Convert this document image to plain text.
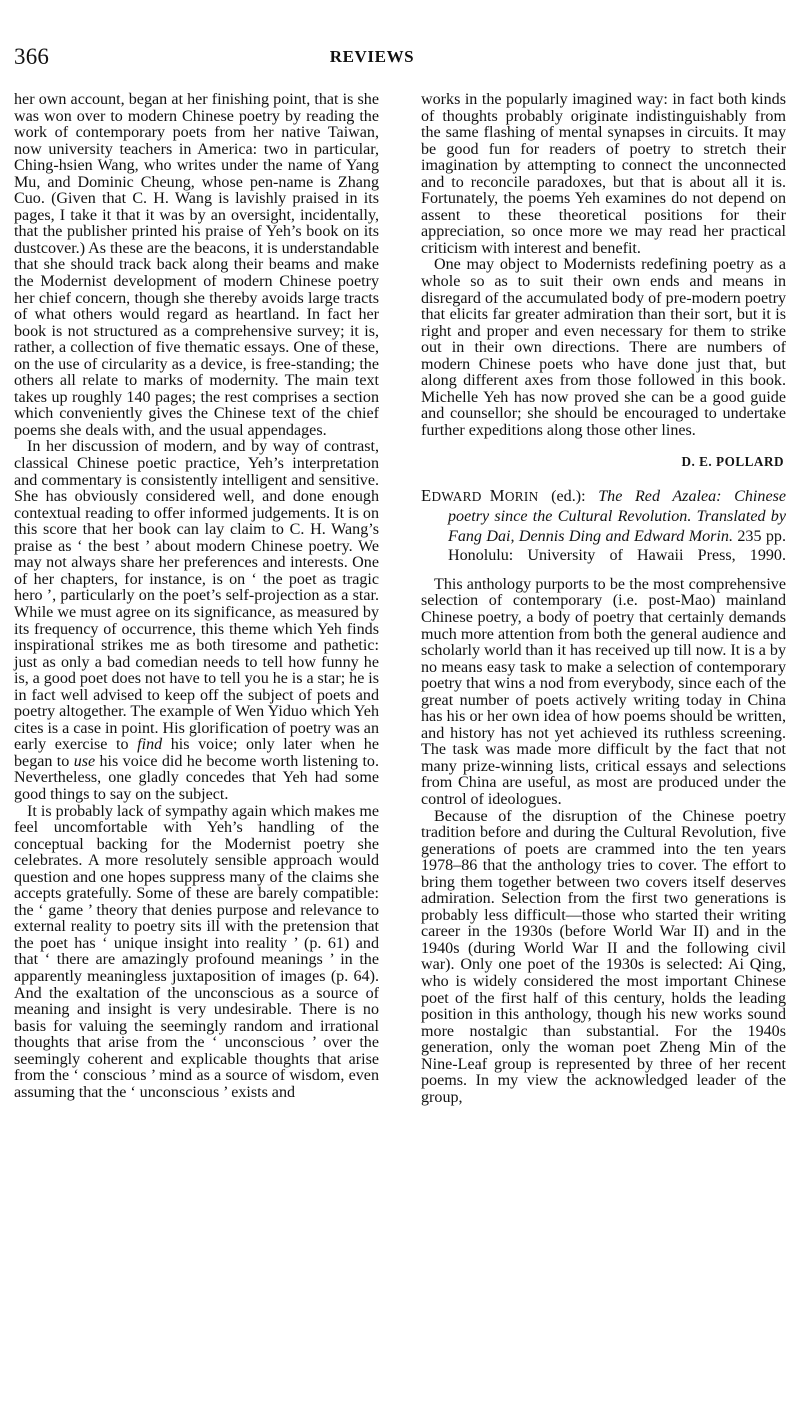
366	REVIEWS

her own account, began at her finishing point, that is she was won over to modern Chinese poetry by reading the work of contemporary poets from her native Taiwan, now university teachers in America: two in particular, Ching-hsien Wang, who writes under the name of Yang Mu, and Dominic Cheung, whose pen-name is Zhang Cuo. (Given that C. H. Wang is lavishly praised in its pages, I take it that it was by an oversight, incidentally, that the publisher printed his praise of Yeh’s book on its dustcover.) As these are the beacons, it is understandable that she should track back along their beams and make the Modernist development of modern Chinese poetry her chief concern, though she thereby avoids large tracts of what others would regard as heartland. In fact her book is not structured as a comprehensive survey; it is, rather, a collection of five thematic essays. One of these, on the use of circularity as a device, is free-standing; the others all relate to marks of modernity. The main text takes up roughly 140 pages; the rest comprises a section which conveniently gives the Chinese text of the chief poems she deals with, and the usual appendages.

In her discussion of modern, and by way of contrast, classical Chinese poetic practice, Yeh’s interpretation and commentary is consistently intelligent and sensitive. She has obviously considered well, and done enough contextual reading to offer informed judgements. It is on this score that her book can lay claim to C. H. Wang’s praise as ‘ the best ’ about modern Chinese poetry. We may not always share her preferences and interests. One of her chapters, for instance, is on ‘ the poet as tragic hero ’, particularly on the poet’s self-projection as a star. While we must agree on its significance, as measured by its frequency of occurrence, this theme which Yeh finds inspirational strikes me as both tiresome and pathetic: just as only a bad comedian needs to tell how funny he is, a good poet does not have to tell you he is a star; he is in fact well advised to keep off the subject of poets and poetry altogether. The example of Wen Yiduo which Yeh cites is a case in point. His glorification of poetry was an early exercise to find his voice; only later when he began to use his voice did he become worth listening to. Nevertheless, one gladly concedes that Yeh had some good things to say on the subject.

It is probably lack of sympathy again which makes me feel uncomfortable with Yeh’s handling of the conceptual backing for the Modernist poetry she celebrates. A more resolutely sensible approach would question and one hopes suppress many of the claims she accepts gratefully. Some of these are barely compatible: the ‘ game ’ theory that denies purpose and relevance to external reality to poetry sits ill with the pretension that the poet has ‘ unique insight into reality ’ (p. 61) and that ‘ there are amazingly profound meanings ’ in the apparently meaningless juxtaposition of images (p. 64). And the exaltation of the unconscious as a source of meaning and insight is very undesirable. There is no basis for valuing the seemingly random and irrational thoughts that arise from the ‘ unconscious ’ over the seemingly coherent and explicable thoughts that arise from the ‘ conscious ’ mind as a source of wisdom, even assuming that the ‘ unconscious ’ exists and

works in the popularly imagined way: in fact both kinds of thoughts probably originate indistinguishably from the same flashing of mental synapses in circuits. It may be good fun for readers of poetry to stretch their imagination by attempting to connect the unconnected and to reconcile paradoxes, but that is about all it is. Fortunately, the poems Yeh examines do not depend on assent to these theoretical positions for their appreciation, so once more we may read her practical criticism with interest and benefit.

One may object to Modernists redefining poetry as a whole so as to suit their own ends and means in disregard of the accumulated body of pre-modern poetry that elicits far greater admiration than their sort, but it is right and proper and even necessary for them to strike out in their own directions. There are numbers of modern Chinese poets who have done just that, but along different axes from those followed in this book. Michelle Yeh has now proved she can be a good guide and counsellor; she should be encouraged to undertake further expeditions along those other lines.

D. E. POLLARD

EDWARD  MORIN (ed.): The Red Azalea: Chinese poetry since the Cultural Revolution. Translated by Fang Dai, Dennis Ding and Edward Morin. 235 pp. Honolulu: University of Hawaii Press, 1990.

This anthology purports to be the most comprehensive selection of contemporary (i.e. post-Mao) mainland Chinese poetry, a body of poetry that certainly demands much more attention from both the general audience and scholarly world than it has received up till now. It is a by no means easy task to make a selection of contemporary poetry that wins a nod from everybody, since each of the great number of poets actively writing today in China has his or her own idea of how poems should be written, and history has not yet achieved its ruthless screening. The task was made more difficult by the fact that not many prize-winning lists, critical essays and selections from China are useful, as most are produced under the control of ideologues.

Because of the disruption of the Chinese poetry tradition before and during the Cultural Revolution, five generations of poets are crammed into the ten years 1978–86 that the anthology tries to cover. The effort to bring them together between two covers itself deserves admiration. Selection from the first two generations is probably less difficult—those who started their writing career in the 1930s (before World War II) and in the 1940s (during World War II and the following civil war). Only one poet of the 1930s is selected: Ai Qing, who is widely considered the most important Chinese poet of the first half of this century, holds the leading position in this anthology, though his new works sound more nostalgic than substantial. For the 1940s generation, only the woman poet Zheng Min of the Nine-Leaf group is represented by three of her recent poems. In my view the acknowledged leader of the group,
